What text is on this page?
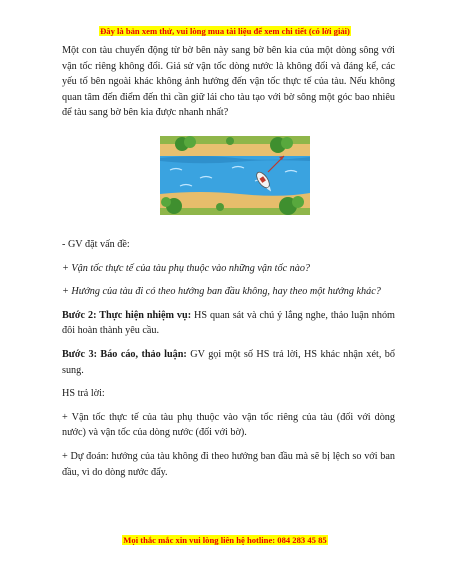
Đây là bản xem thử, vui lòng mua tài liệu để xem chi tiết (có lời giải)

Một con tàu chuyển động từ bờ bên này sang bờ bên kia của một dòng sông với vận tốc riêng không đổi. Giả sử vận tốc dòng nước là không đổi và đáng kể, các yếu tố bên ngoài khác không ảnh hưởng đến vận tốc thực tế của tàu. Nếu không quan tâm đến điểm đến thì cần giữ lái cho tàu tạo với bờ sông một góc bao nhiêu để tàu sang bờ bên kia được nhanh nhất?

- GV đặt vấn đề:

+ Vận tốc thực tế của tàu phụ thuộc vào những vận tốc nào?

+ Hướng của tàu đi có theo hướng ban đầu không, hay theo một hướng khác?

Bước 2: Thực hiện nhiệm vụ: HS quan sát và chú ý lắng nghe, thảo luận nhóm đôi hoàn thành yêu cầu.

Bước 3: Báo cáo, thảo luận: GV gọi một số HS trả lời, HS khác nhận xét, bổ sung.

HS trả lời:

+ Vận tốc thực tế của tàu phụ thuộc vào vận tốc riêng của tàu (đối với dòng nước) và vận tốc của dòng nước (đối với bờ).

+ Dự đoán: hướng của tàu không đi theo hướng ban đầu mà sẽ bị lệch so với ban đầu, vì do dòng nước đẩy.

Mọi thắc mắc xin vui lòng liên hệ hotline: 084 283 45 85
